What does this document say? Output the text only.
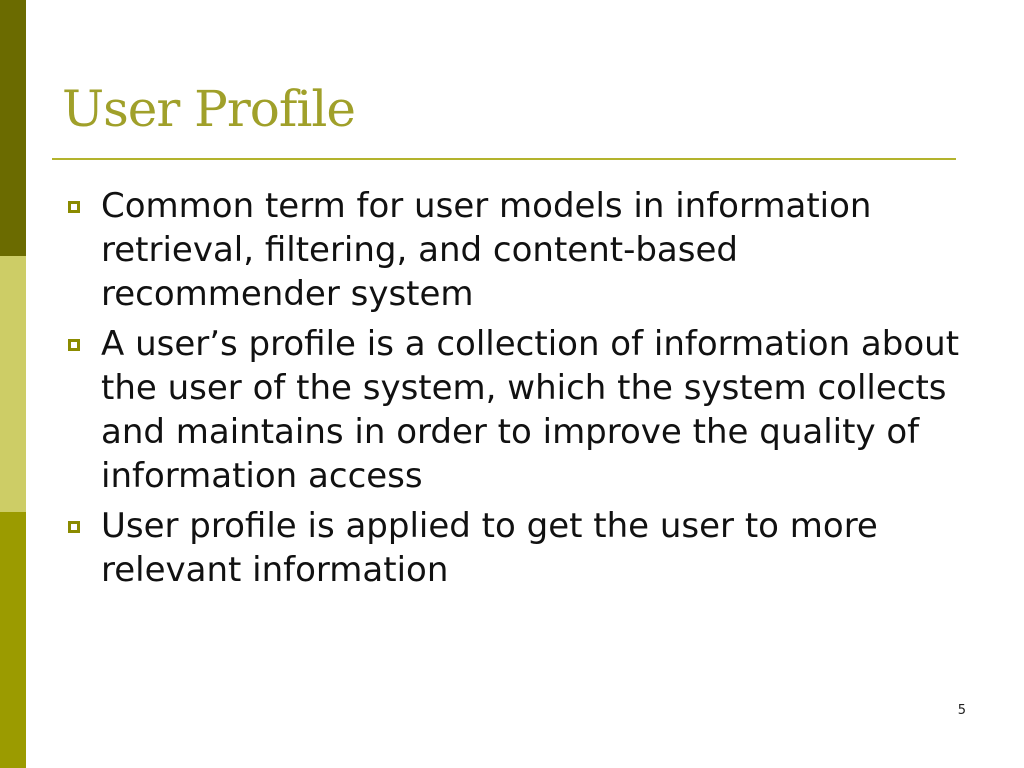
User Profile
Common term for user models in information retrieval, filtering, and content-based recommender system
A user’s profile is a collection of information about the user of the system, which the system collects and maintains in order to improve the quality of information access
User profile is applied to get the user to more relevant information
5
